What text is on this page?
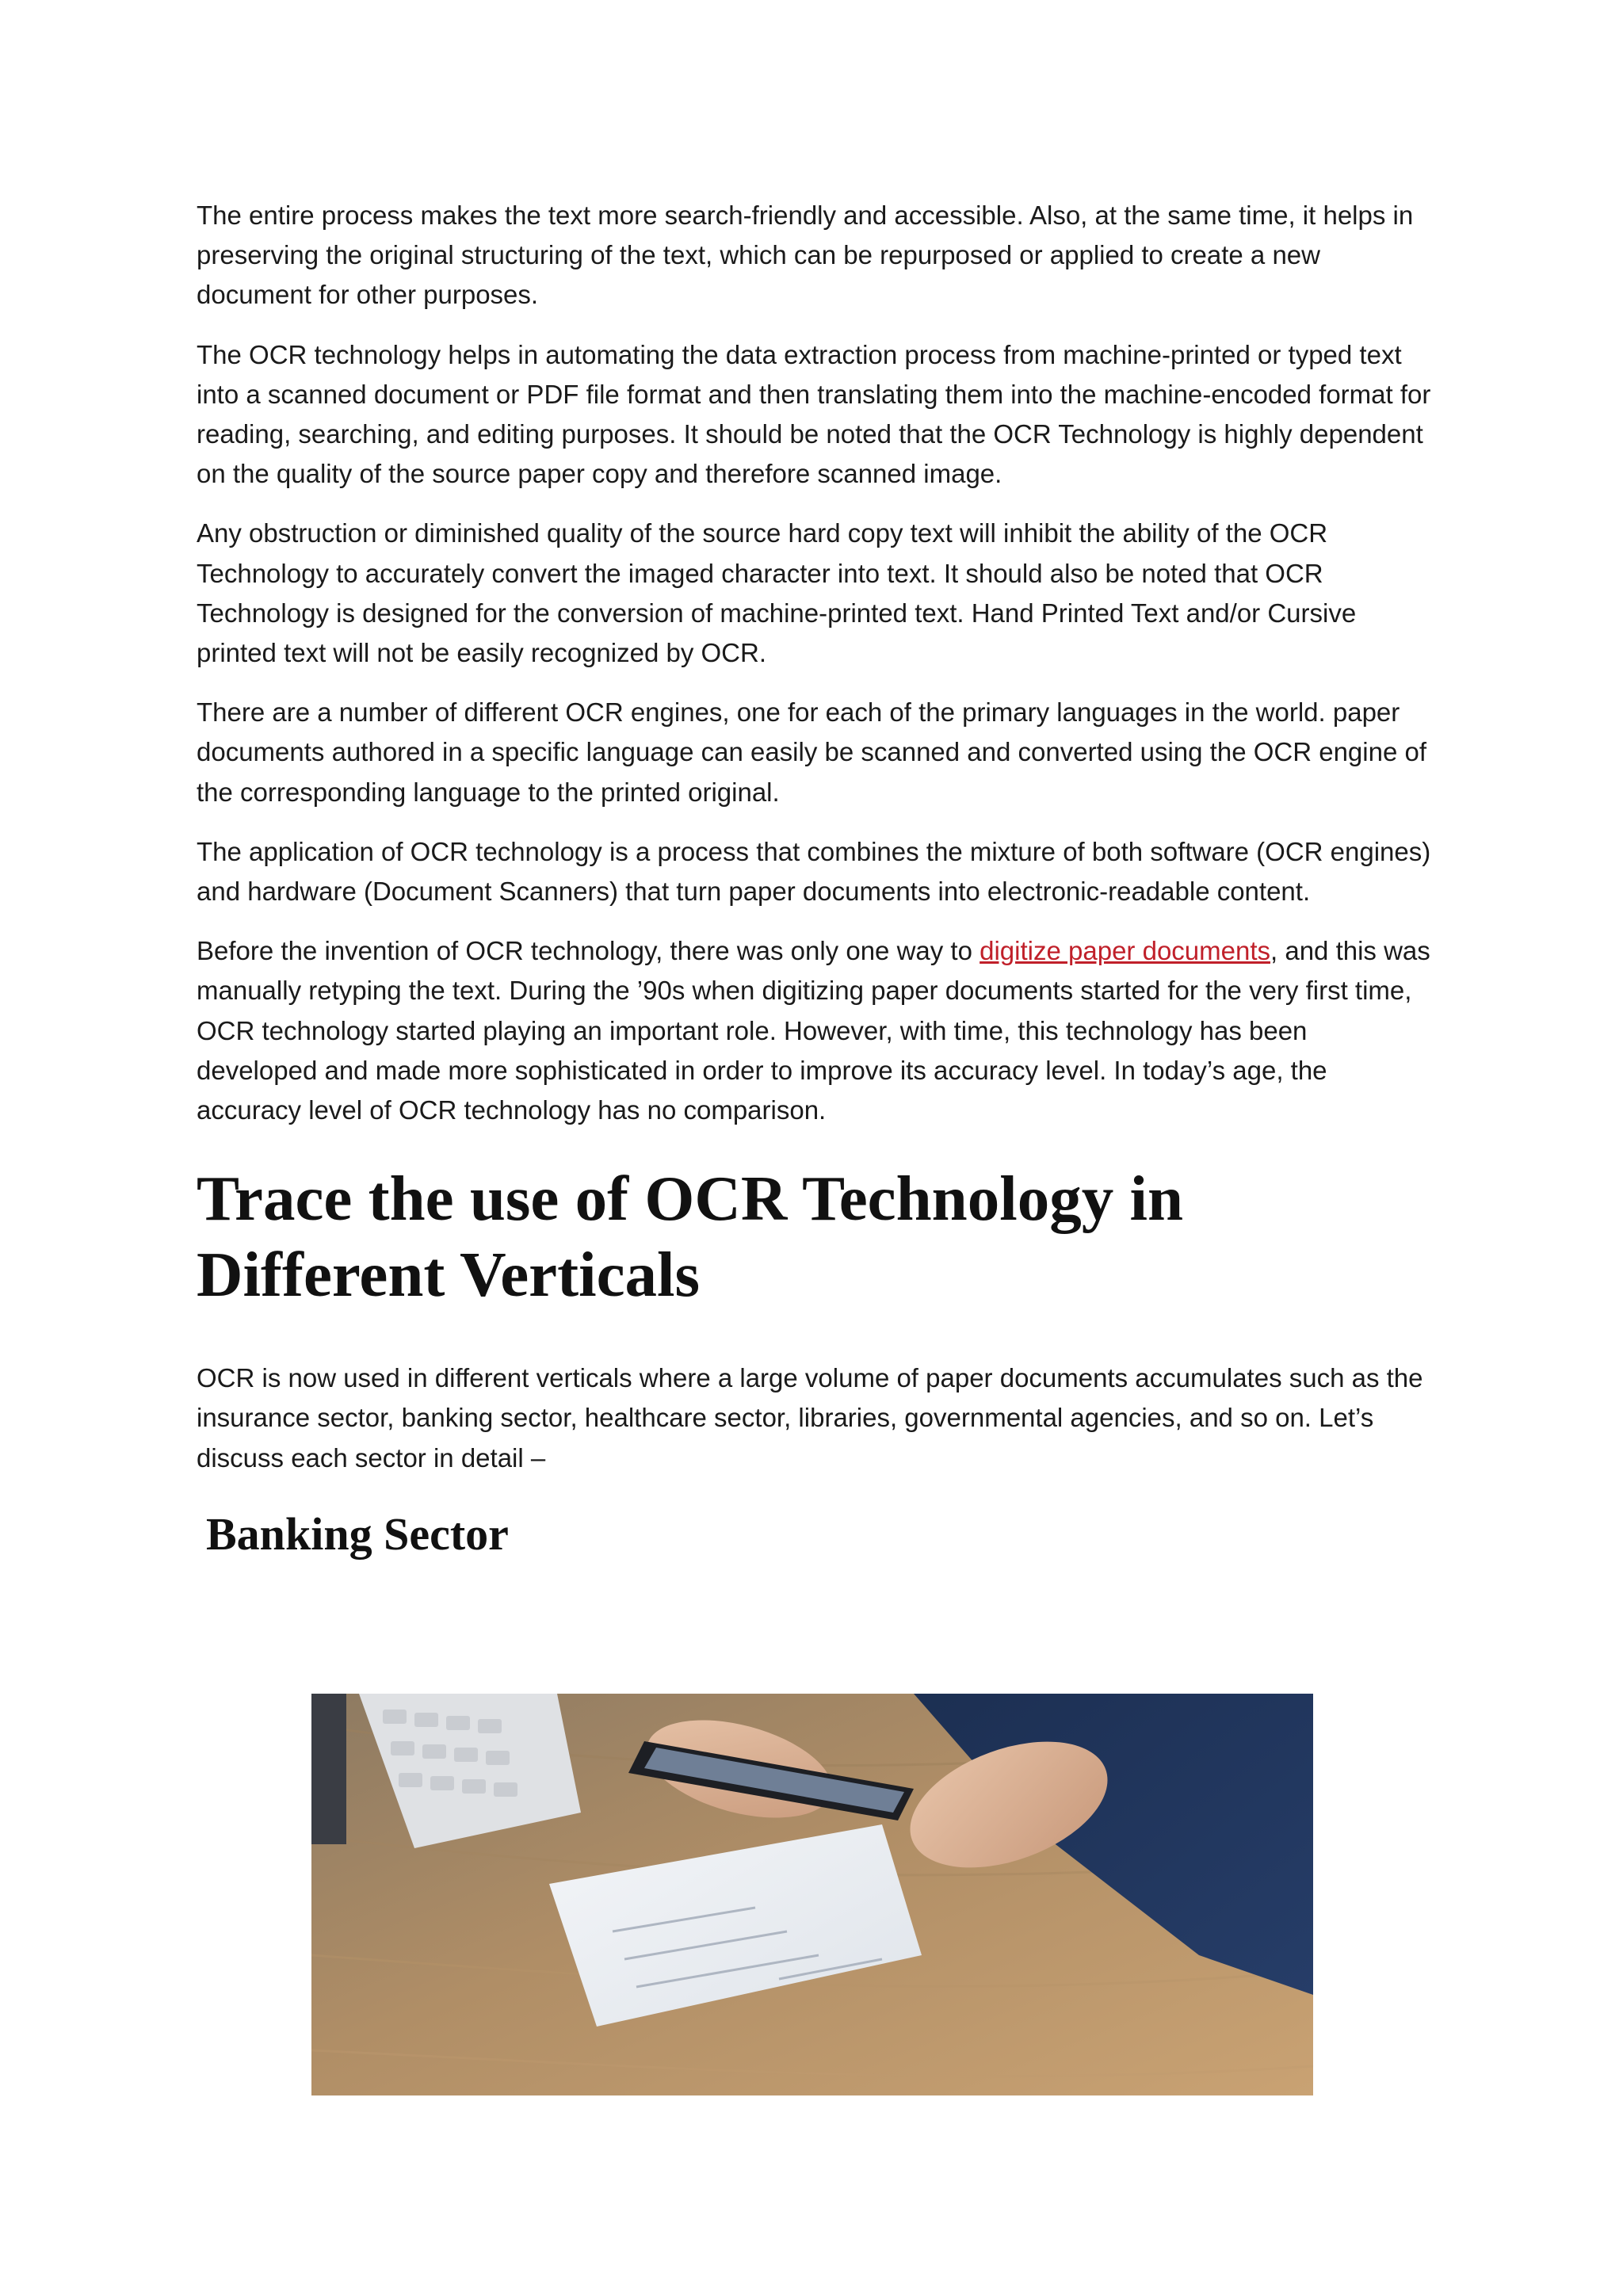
The entire process makes the text more search-friendly and accessible. Also, at the same time, it helps in preserving the original structuring of the text, which can be repurposed or applied to create a new document for other purposes.

The OCR technology helps in automating the data extraction process from machine-printed or typed text into a scanned document or PDF file format and then translating them into the machine-encoded format for reading, searching, and editing purposes. It should be noted that the OCR Technology is highly dependent on the quality of the source paper copy and therefore scanned image.

Any obstruction or diminished quality of the source hard copy text will inhibit the ability of the OCR Technology to accurately convert the imaged character into text. It should also be noted that OCR Technology is designed for the conversion of machine-printed text. Hand Printed Text and/or Cursive printed text will not be easily recognized by OCR.

There are a number of different OCR engines, one for each of the primary languages in the world. paper documents authored in a specific language can easily be scanned and converted using the OCR engine of the corresponding language to the printed original.

The application of OCR technology is a process that combines the mixture of both software (OCR engines) and hardware (Document Scanners) that turn paper documents into electronic-readable content.

Before the invention of OCR technology, there was only one way to digitize paper documents, and this was manually retyping the text. During the ’90s when digitizing paper documents started for the very first time, OCR technology started playing an important role. However, with time, this technology has been developed and made more sophisticated in order to improve its accuracy level. In today’s age, the accuracy level of OCR technology has no comparison.

Trace the use of OCR Technology in Different Verticals

OCR is now used in different verticals where a large volume of paper documents accumulates such as the insurance sector, banking sector, healthcare sector, libraries, governmental agencies, and so on. Let’s discuss each sector in detail –

Banking Sector
